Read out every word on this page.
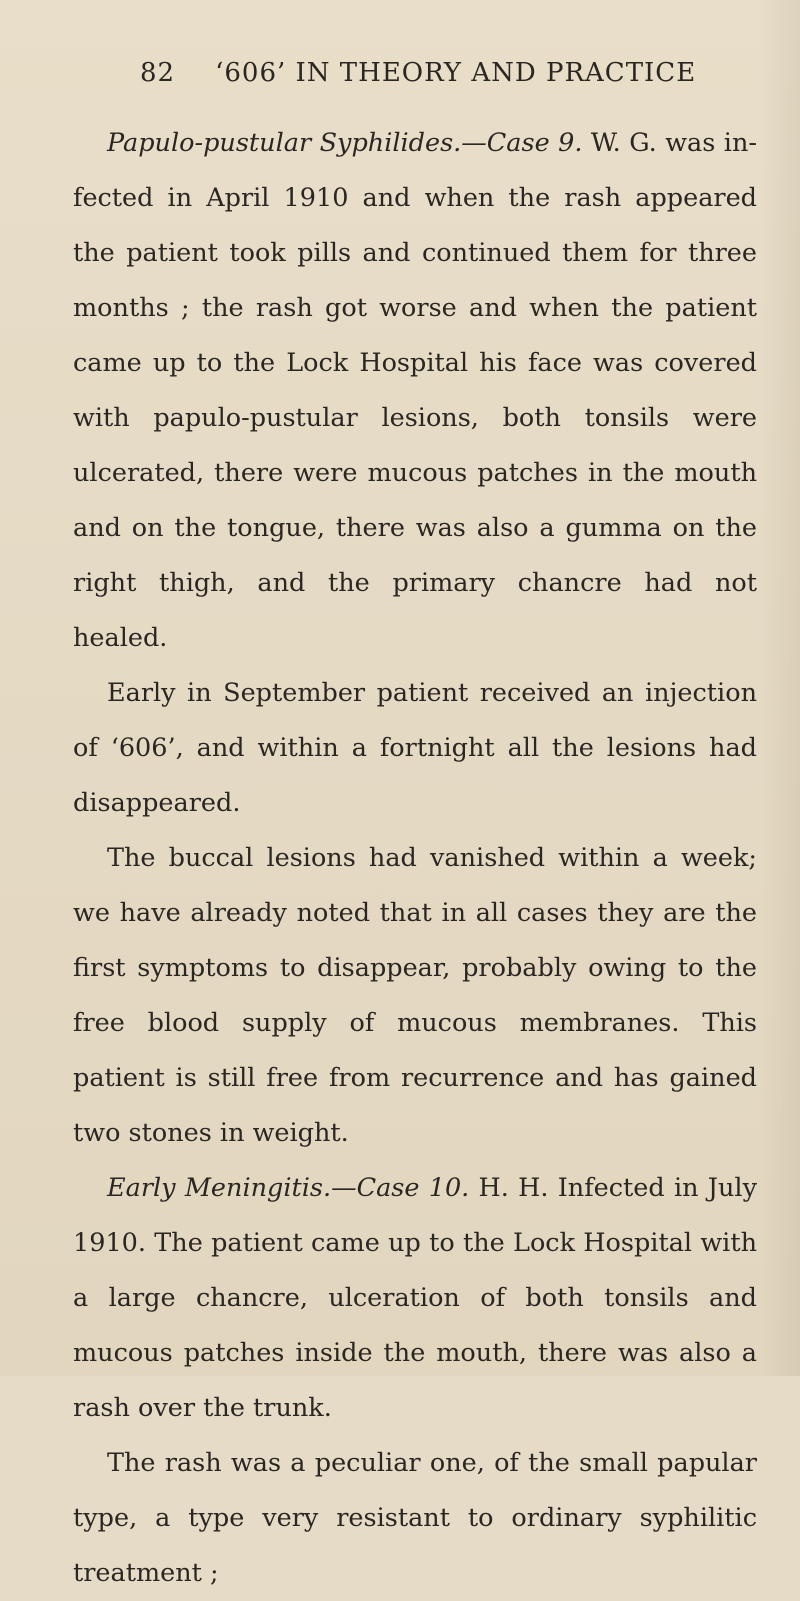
82 ‘606’ IN THEORY AND PRACTICE

Papulo-pustular Syphilides.—Case 9. W. G. was infected in April 1910 and when the rash appeared the patient took pills and continued them for three months ; the rash got worse and when the patient came up to the Lock Hospital his face was covered with papulo-pustular lesions, both tonsils were ulcerated, there were mucous patches in the mouth and on the tongue, there was also a gumma on the right thigh, and the primary chancre had not healed.

Early in September patient received an injection of ‘606’, and within a fortnight all the lesions had disappeared.

The buccal lesions had vanished within a week; we have already noted that in all cases they are the first symptoms to disappear, probably owing to the free blood supply of mucous membranes. This patient is still free from recurrence and has gained two stones in weight.

Early Meningitis.—Case 10. H. H. Infected in July 1910. The patient came up to the Lock Hospital with a large chancre, ulceration of both tonsils and mucous patches inside the mouth, there was also a rash over the trunk.

The rash was a peculiar one, of the small papular type, a type very resistant to ordinary syphilitic treatment ;
